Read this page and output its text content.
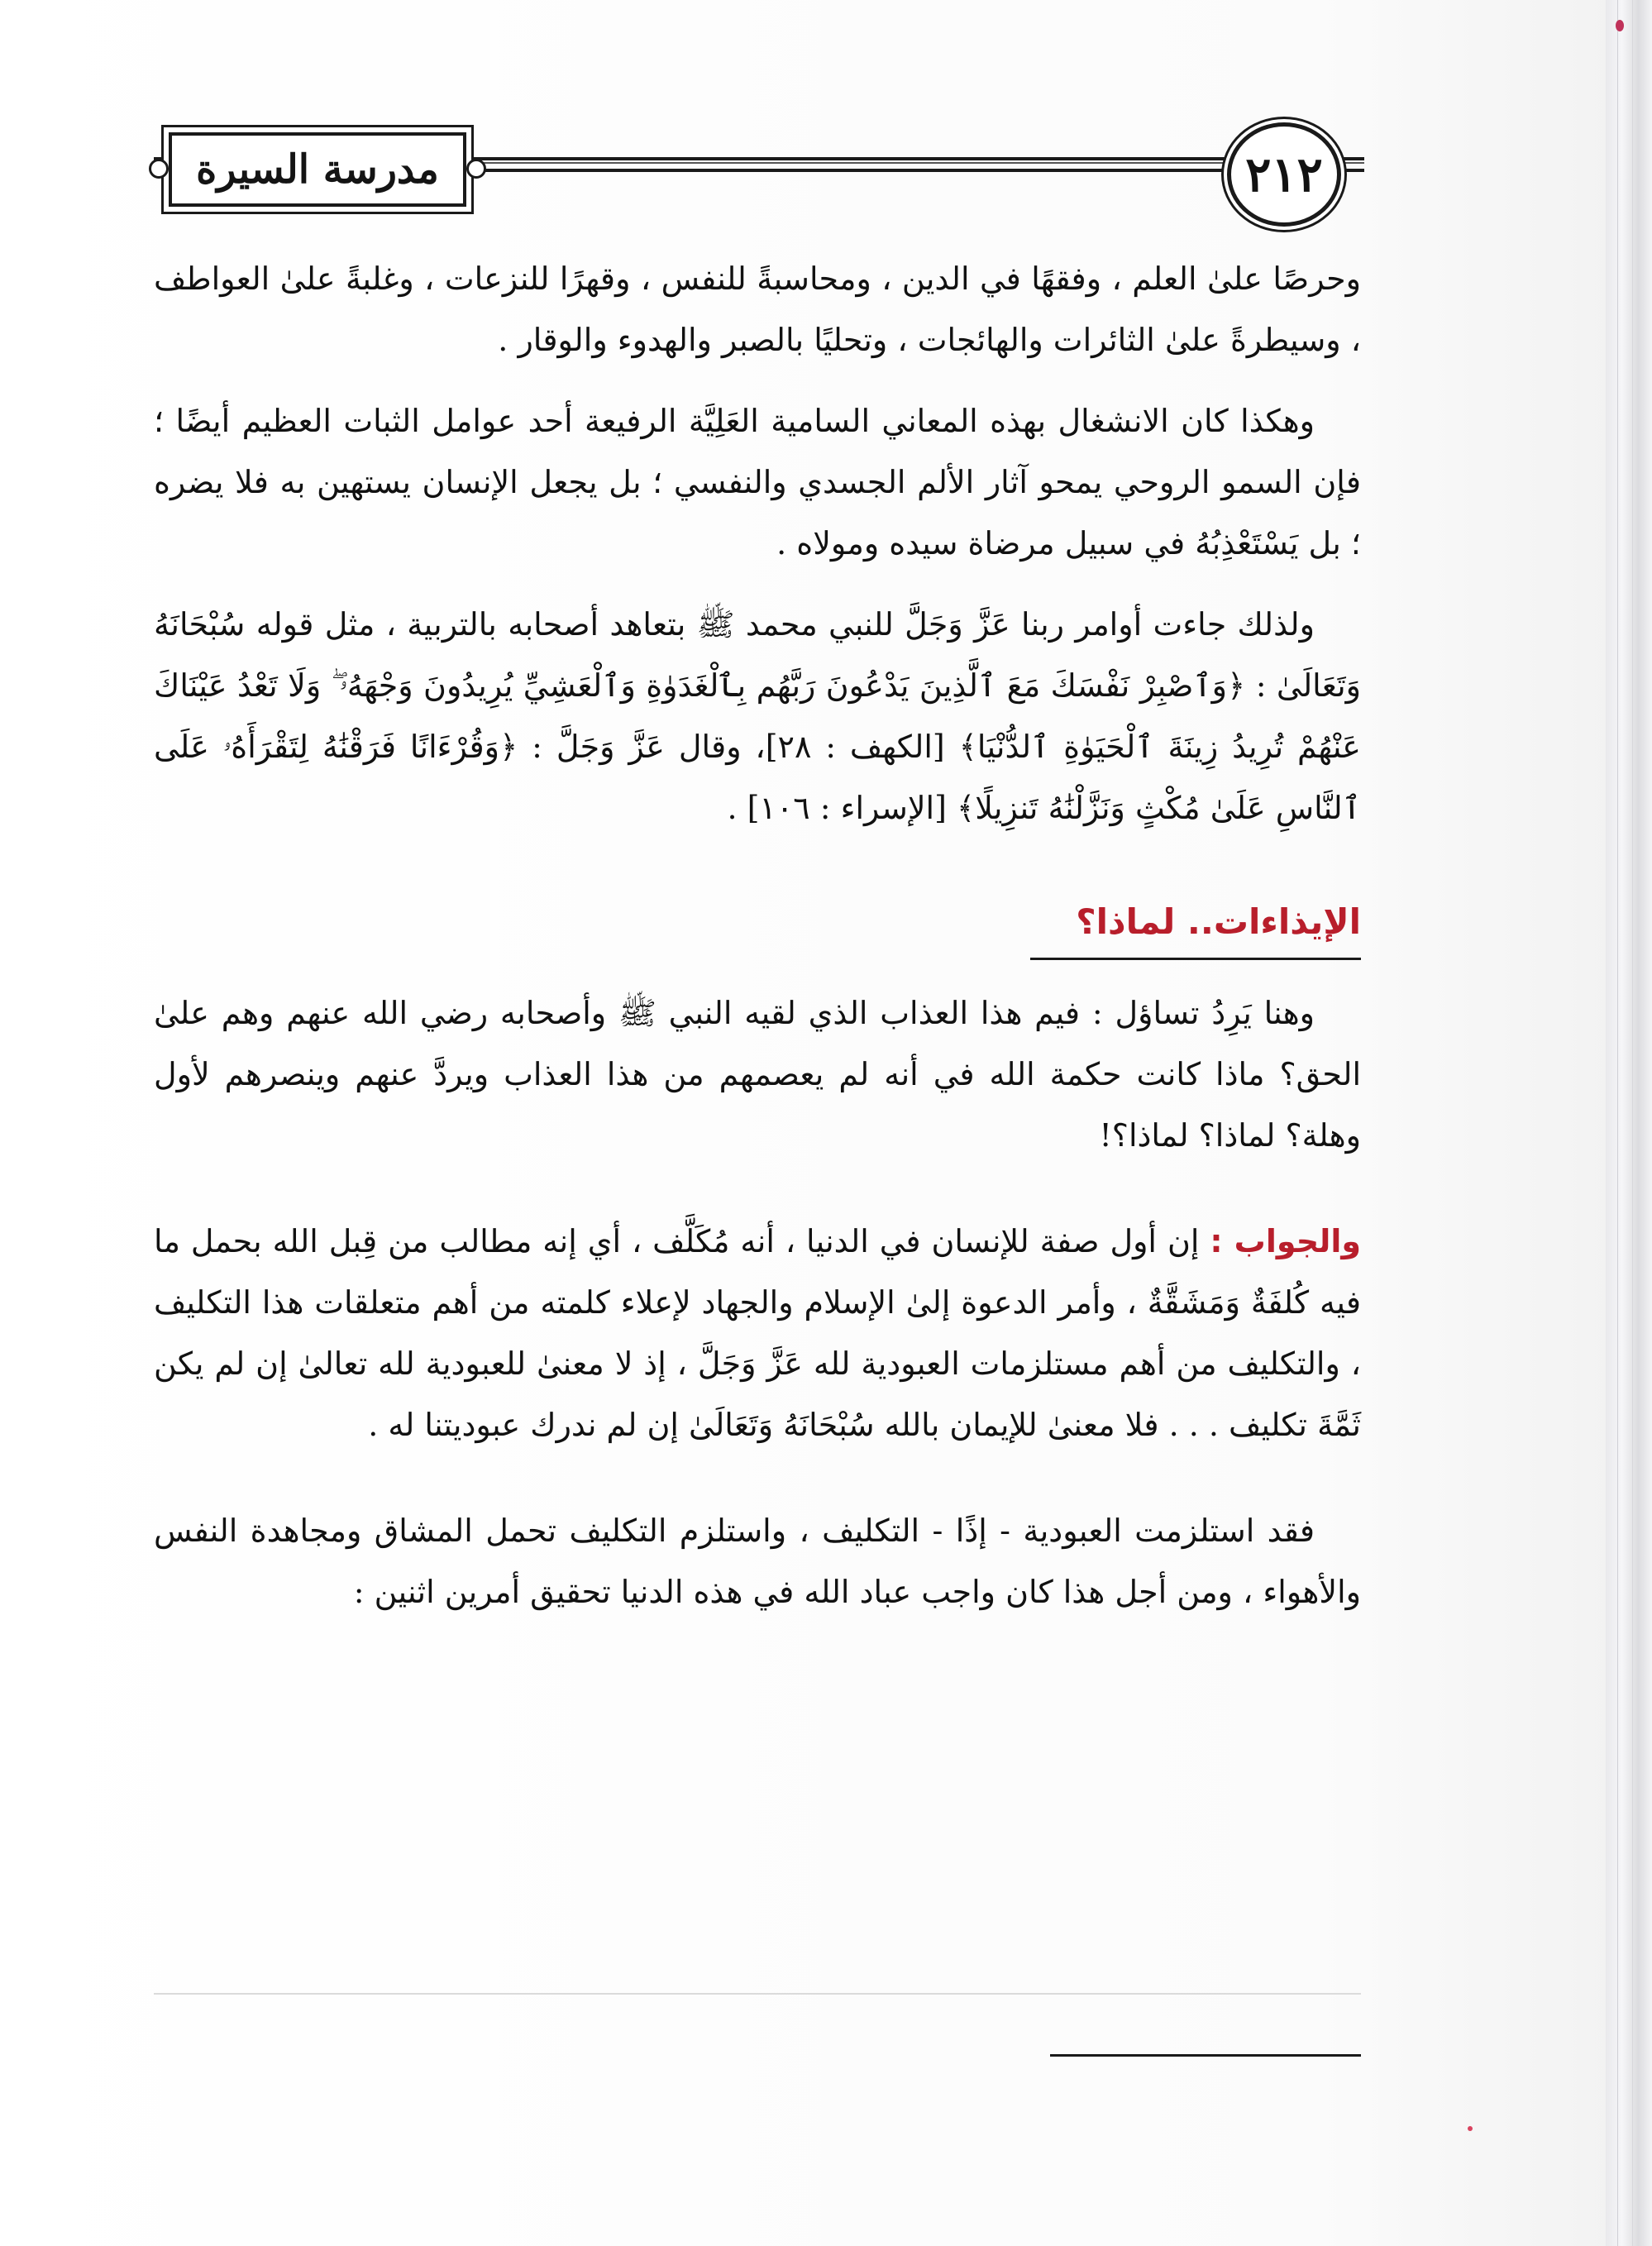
٢١٢
مدرسة السيرة

وحرصًا علىٰ العلم ، وفقهًا في الدين ، ومحاسبةً للنفس ، وقهرًا للنزعات ، وغلبةً علىٰ العواطف ، وسيطرةً علىٰ الثائرات والهائجات ، وتحليًا بالصبر والهدوء والوقار .

وهكذا كان الانشغال بهذه المعاني السامية العَلِيَّة الرفيعة أحد عوامل الثبات العظيم أيضًا ؛ فإن السمو الروحي يمحو آثار الألم الجسدي والنفسي ؛ بل يجعل الإنسان يستهين به فلا يضره ؛ بل يَسْتَعْذِبُهُ في سبيل مرضاة سيده ومولاه .

ولذلك جاءت أوامر ربنا عَزَّ وَجَلَّ للنبي محمد ﷺ بتعاهد أصحابه بالتربية ، مثل قوله سُبْحَانَهُ وَتَعَالَىٰ : ﴿وَٱصْبِرْ نَفْسَكَ مَعَ ٱلَّذِينَ يَدْعُونَ رَبَّهُم بِٱلْغَدَوٰةِ وَٱلْعَشِيِّ يُرِيدُونَ وَجْهَهُۥ ۖ وَلَا تَعْدُ عَيْنَاكَ عَنْهُمْ تُرِيدُ زِينَةَ ٱلْحَيَوٰةِ ٱلدُّنْيَا﴾ [الكهف : ٢٨]، وقال عَزَّ وَجَلَّ : ﴿وَقُرْءَانًا فَرَقْنَٰهُ لِتَقْرَأَهُۥ عَلَى ٱلنَّاسِ عَلَىٰ مُكْثٍ وَنَزَّلْنَٰهُ تَنزِيلًا﴾ [الإسراء : ١٠٦] .

الإيذاءات.. لماذا؟

وهنا يَرِدُ تساؤل : فيم هذا العذاب الذي لقيه النبي ﷺ وأصحابه رضي الله عنهم وهم علىٰ الحق؟ ماذا كانت حكمة الله في أنه لم يعصمهم من هذا العذاب ويردَّ عنهم وينصرهم لأول وهلة؟ لماذا؟ لماذا؟!

والجواب : إن أول صفة للإنسان في الدنيا ، أنه مُكَلَّف ، أي إنه مطالب من قِبل الله بحمل ما فيه كُلفَةٌ وَمَشَقَّةٌ ، وأمر الدعوة إلىٰ الإسلام والجهاد لإعلاء كلمته من أهم متعلقات هذا التكليف ، والتكليف من أهم مستلزمات العبودية لله عَزَّ وَجَلَّ ، إذ لا معنىٰ للعبودية لله تعالىٰ إن لم يكن ثَمَّةَ تكليف . . . فلا معنىٰ للإيمان بالله سُبْحَانَهُ وَتَعَالَىٰ إن لم ندرك عبوديتنا له .

فقد استلزمت العبودية - إذًا - التكليف ، واستلزم التكليف تحمل المشاق ومجاهدة النفس والأهواء ، ومن أجل هذا كان واجب عباد الله في هذه الدنيا تحقيق أمرين اثنين :
